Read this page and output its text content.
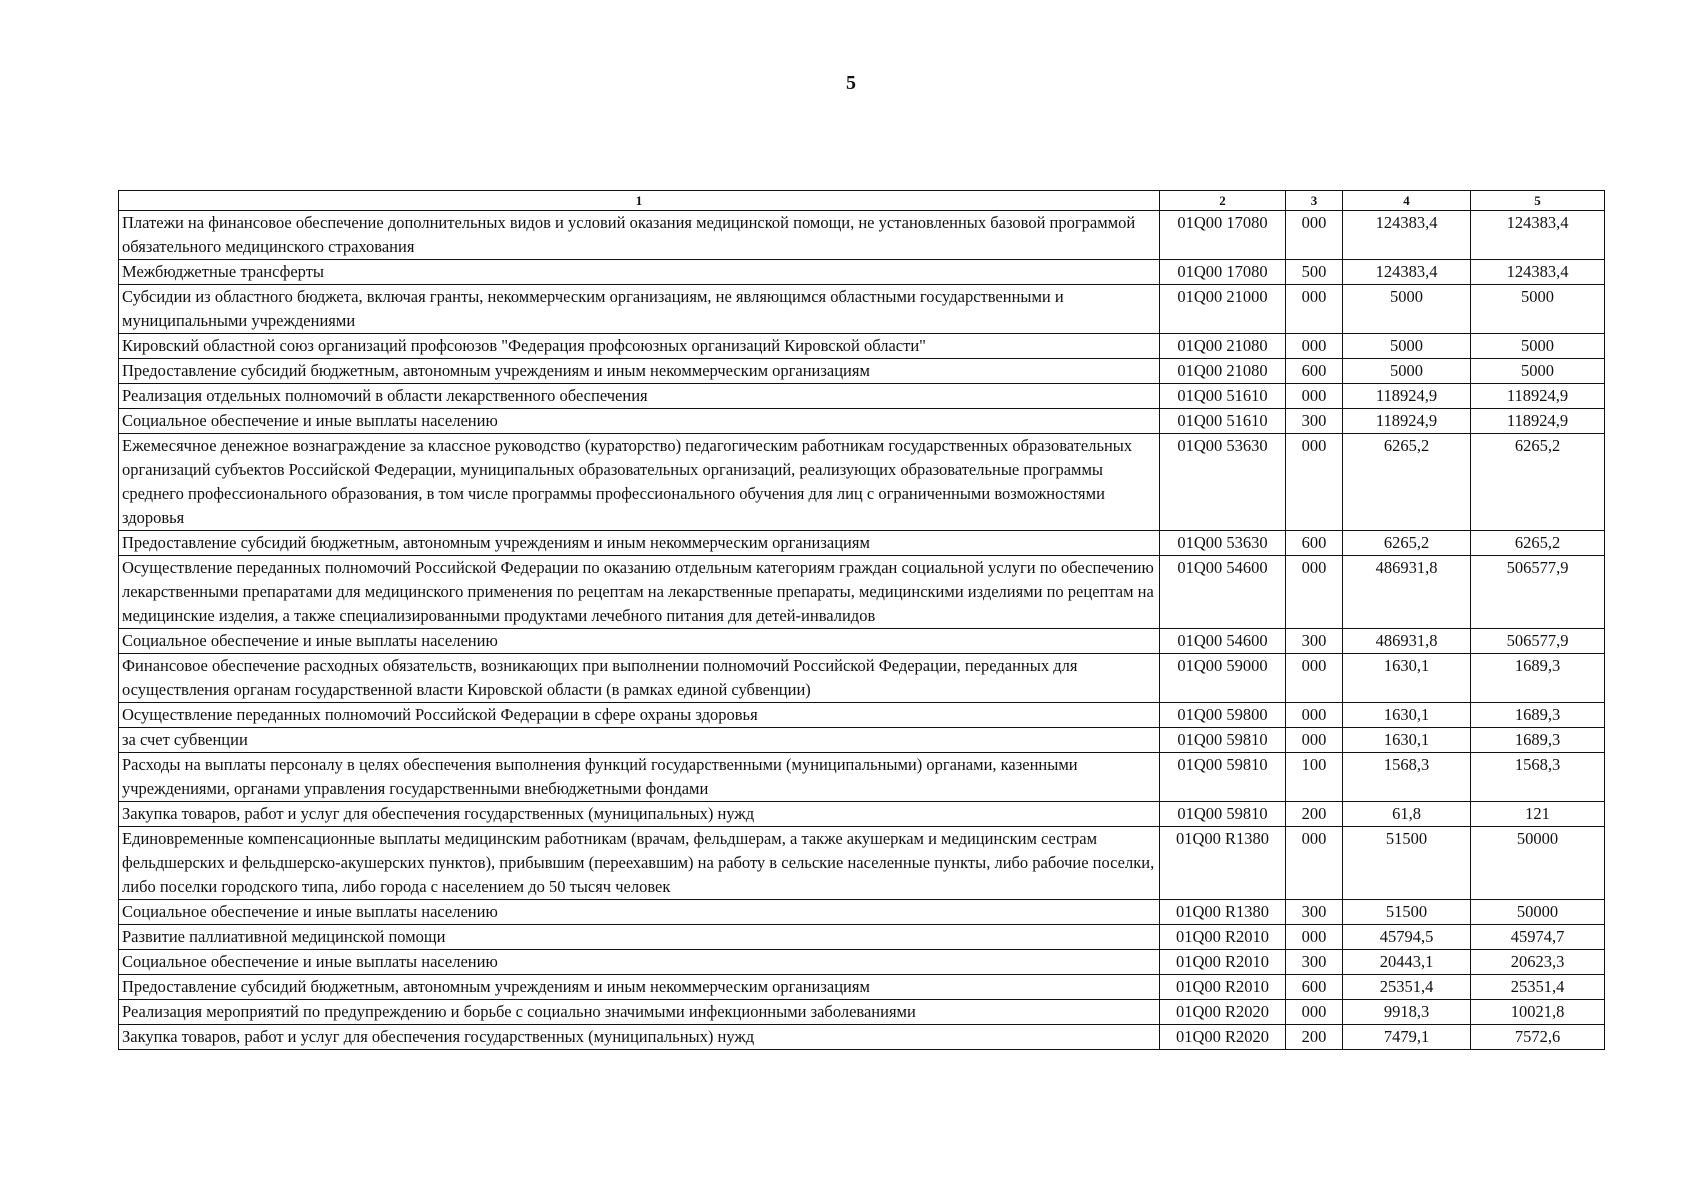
5
1	2	3	4	5
Платежи на финансовое обеспечение дополнительных видов и условий оказания медицинской помощи, не установленных базовой программой обязательного медицинского страхования	01Q00 17080	000	124383,4	124383,4
Межбюджетные трансферты	01Q00 17080	500	124383,4	124383,4
Субсидии из областного бюджета, включая гранты, некоммерческим организациям, не являющимся областными государственными и муниципальными учреждениями	01Q00 21000	000	5000	5000
Кировский областной союз организаций профсоюзов "Федерация профсоюзных организаций Кировской области"	01Q00 21080	000	5000	5000
Предоставление субсидий бюджетным, автономным учреждениям и иным некоммерческим организациям	01Q00 21080	600	5000	5000
Реализация отдельных полномочий в области лекарственного обеспечения	01Q00 51610	000	118924,9	118924,9
Социальное обеспечение и иные выплаты населению	01Q00 51610	300	118924,9	118924,9
Ежемесячное денежное вознаграждение за классное руководство (кураторство) педагогическим работникам государственных образовательных организаций субъектов Российской Федерации, муниципальных образовательных организаций, реализующих образовательные программы среднего профессионального образования, в том числе программы профессионального обучения для лиц с ограниченными возможностями здоровья	01Q00 53630	000	6265,2	6265,2
Предоставление субсидий бюджетным, автономным учреждениям и иным некоммерческим организациям	01Q00 53630	600	6265,2	6265,2
Осуществление переданных полномочий Российской Федерации по оказанию отдельным категориям граждан социальной услуги по обеспечению лекарственными препаратами для медицинского применения по рецептам на лекарственные препараты, медицинскими изделиями по рецептам на медицинские изделия, а также специализированными продуктами лечебного питания для детей-инвалидов	01Q00 54600	000	486931,8	506577,9
Социальное обеспечение и иные выплаты населению	01Q00 54600	300	486931,8	506577,9
Финансовое обеспечение расходных обязательств, возникающих при выполнении полномочий Российской Федерации, переданных для осуществления органам государственной власти Кировской области (в рамках единой субвенции)	01Q00 59000	000	1630,1	1689,3
Осуществление переданных полномочий Российской Федерации в сфере охраны здоровья	01Q00 59800	000	1630,1	1689,3
за счет субвенции	01Q00 59810	000	1630,1	1689,3
Расходы на выплаты персоналу в целях обеспечения выполнения функций государственными (муниципальными) органами, казенными учреждениями, органами управления государственными внебюджетными фондами	01Q00 59810	100	1568,3	1568,3
Закупка товаров, работ и услуг для обеспечения государственных (муниципальных) нужд	01Q00 59810	200	61,8	121
Единовременные компенсационные выплаты медицинским работникам (врачам, фельдшерам, а также акушеркам и медицинским сестрам фельдшерских и фельдшерско-акушерских пунктов), прибывшим (переехавшим) на работу в сельские населенные пункты, либо рабочие поселки, либо поселки городского типа, либо города с населением до 50 тысяч человек	01Q00 R1380	000	51500	50000
Социальное обеспечение и иные выплаты населению	01Q00 R1380	300	51500	50000
Развитие паллиативной медицинской помощи	01Q00 R2010	000	45794,5	45974,7
Социальное обеспечение и иные выплаты населению	01Q00 R2010	300	20443,1	20623,3
Предоставление субсидий бюджетным, автономным учреждениям и иным некоммерческим организациям	01Q00 R2010	600	25351,4	25351,4
Реализация мероприятий по предупреждению и борьбе с социально значимыми инфекционными заболеваниями	01Q00 R2020	000	9918,3	10021,8
Закупка товаров, работ и услуг для обеспечения государственных (муниципальных) нужд	01Q00 R2020	200	7479,1	7572,6
